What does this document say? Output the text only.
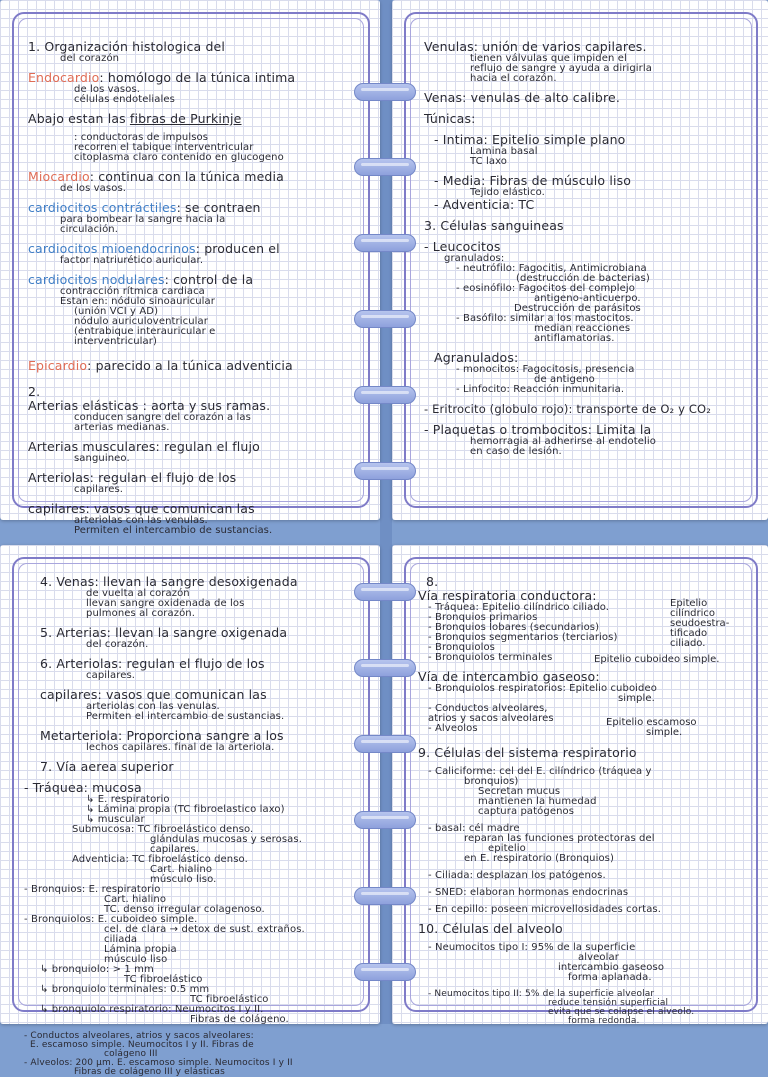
1. Organización histologica del
del corazón
Endocardio: homólogo de la túnica intima
de los vasos.
células endoteliales
Abajo estan las fibras de Purkinje
: conductoras de impulsos
recorren el tabique interventricular
citoplasma claro contenido en glucogeno
Miocardio: continua con la túnica media
de los vasos.
cardiocitos contráctiles: se contraen
para bombear la sangre hacia la
circulación.
cardiocitos mioendocrinos: producen el
factor natriurético auricular.
cardiocitos nodulares: control de la
contracción rítmica cardiaca
Estan en: nódulo sinoauricular
(unión VCI y AD)
nódulo auriculoventricular
(entrabique interauricular e
interventricular)
Epicardio: parecido a la túnica adventicia
2.
Arterias elásticas : aorta y sus ramas.
conducen sangre del corazón a las
arterias medianas.
Arterias musculares: regulan el flujo
sanguineo.
Arteriolas: regulan el flujo de los
capilares.
capilares: vasos que comunican las
arteriolas con las venulas.
Permiten el intercambio de sustancias.
Venulas: unión de varios capilares.
tienen válvulas que impiden el
reflujo de sangre y ayuda a dirigirla
hacia el corazón.
Venas: venulas de alto calibre.
Túnicas:
- Intima: Epitelio simple plano
Lamina basal
TC laxo
- Media: Fibras de músculo liso
Tejido elástico.
- Adventicia: TC
3. Células sanguineas
- Leucocitos
granulados:
- neutrófilo: Fagocitis, Antimicrobiana
(destrucción de bacterias)
- eosinófilo: Fagocitos del complejo
antigeno-anticuerpo.
Destrucción de parásitos
- Basófilo: similar a los mastocitos.
median reacciones
antiflamatorias.
Agranulados:
- monocitos: Fagocitosis, presencia
de antigeno
- Linfocito: Reacción inmunitaria.
- Eritrocito (globulo rojo): transporte de O₂ y CO₂
- Plaquetas o trombocitos: Limita la
hemorragia al adherirse al endotelio
en caso de lesión.
4. Venas: llevan la sangre desoxigenada
de vuelta al corazón
llevan sangre oxidenada de los
pulmones al corazón.
5. Arterias: llevan la sangre oxigenada
del corazón.
6. Arteriolas: regulan el flujo de los
capilares.
capilares: vasos que comunican las
arteriolas con las venulas.
Permiten el intercambio de sustancias.
Metarteriola: Proporciona sangre a los
lechos capilares. final de la arteriola.
7. Vía aerea superior
- Tráquea: mucosa
↳ E. respiratorio
↳ Lámina propia (TC fibroelastico laxo)
↳ muscular
Submucosa: TC fibroelástico denso.
glándulas mucosas y serosas.
capilares.
Adventicia: TC fibroelástico denso.
Cart. hialino
músculo liso.
- Bronquios: E. respiratorio
Cart. hialino
TC. denso irregular colagenoso.
- Bronquiolos: E. cuboideo simple.
cel. de clara → detox de sust. extraños.
ciliada
Lámina propia
músculo liso
↳ bronquiolo: > 1 mm
TC fibroelástico
↳ bronquiolo terminales: 0.5 mm
TC fibroelástico
↳ bronquiolo respiratorio: Neumocitos I y II.
Fibras de colágeno.
- Conductos alveolares, atrios y sacos alveolares:
E. escamoso simple. Neumocitos I y II. Fibras de
colágeno III
- Alveolos: 200 μm. E. escamoso simple. Neumocitos I y II
Fibras de colágeno III y elásticas
8.
Vía respiratoria conductora:
- Tráquea: Epitelio cilíndrico ciliado.
- Bronquios primarios
- Bronquios lobares (secundarios)
- Bronquios segmentarios (terciarios)
- Bronquiolos
- Bronquiolos terminales
Epitelio
cilíndrico
seudoestra-
tificado
ciliado.
Epitelio cuboideo simple.
Vía de intercambio gaseoso:
- Bronquiolos respiratorios: Epitelio cuboideo
simple.
- Conductos alveolares,
atrios y sacos alveolares
- Alveolos
Epitelio escamoso
simple.
9. Células del sistema respiratorio
- Caliciforme: cel del E. cilíndrico (tráquea y
bronquios)
Secretan mucus
mantienen la humedad
captura patógenos
- basal: cél madre
reparan las funciones protectoras del
epitelio
en E. respiratorio (Bronquios)
- Ciliada: desplazan los patógenos.
- SNED: elaboran hormonas endocrinas
- En cepillo: poseen microvellosidades cortas.
10. Células del alveolo
- Neumocitos tipo I: 95% de la superficie
alveolar
intercambio gaseoso
forma aplanada.
- Neumocitos tipo II: 5% de la superficie alveolar
reduce tensión superficial
evita que se colapse el alveolo.
forma redonda.
